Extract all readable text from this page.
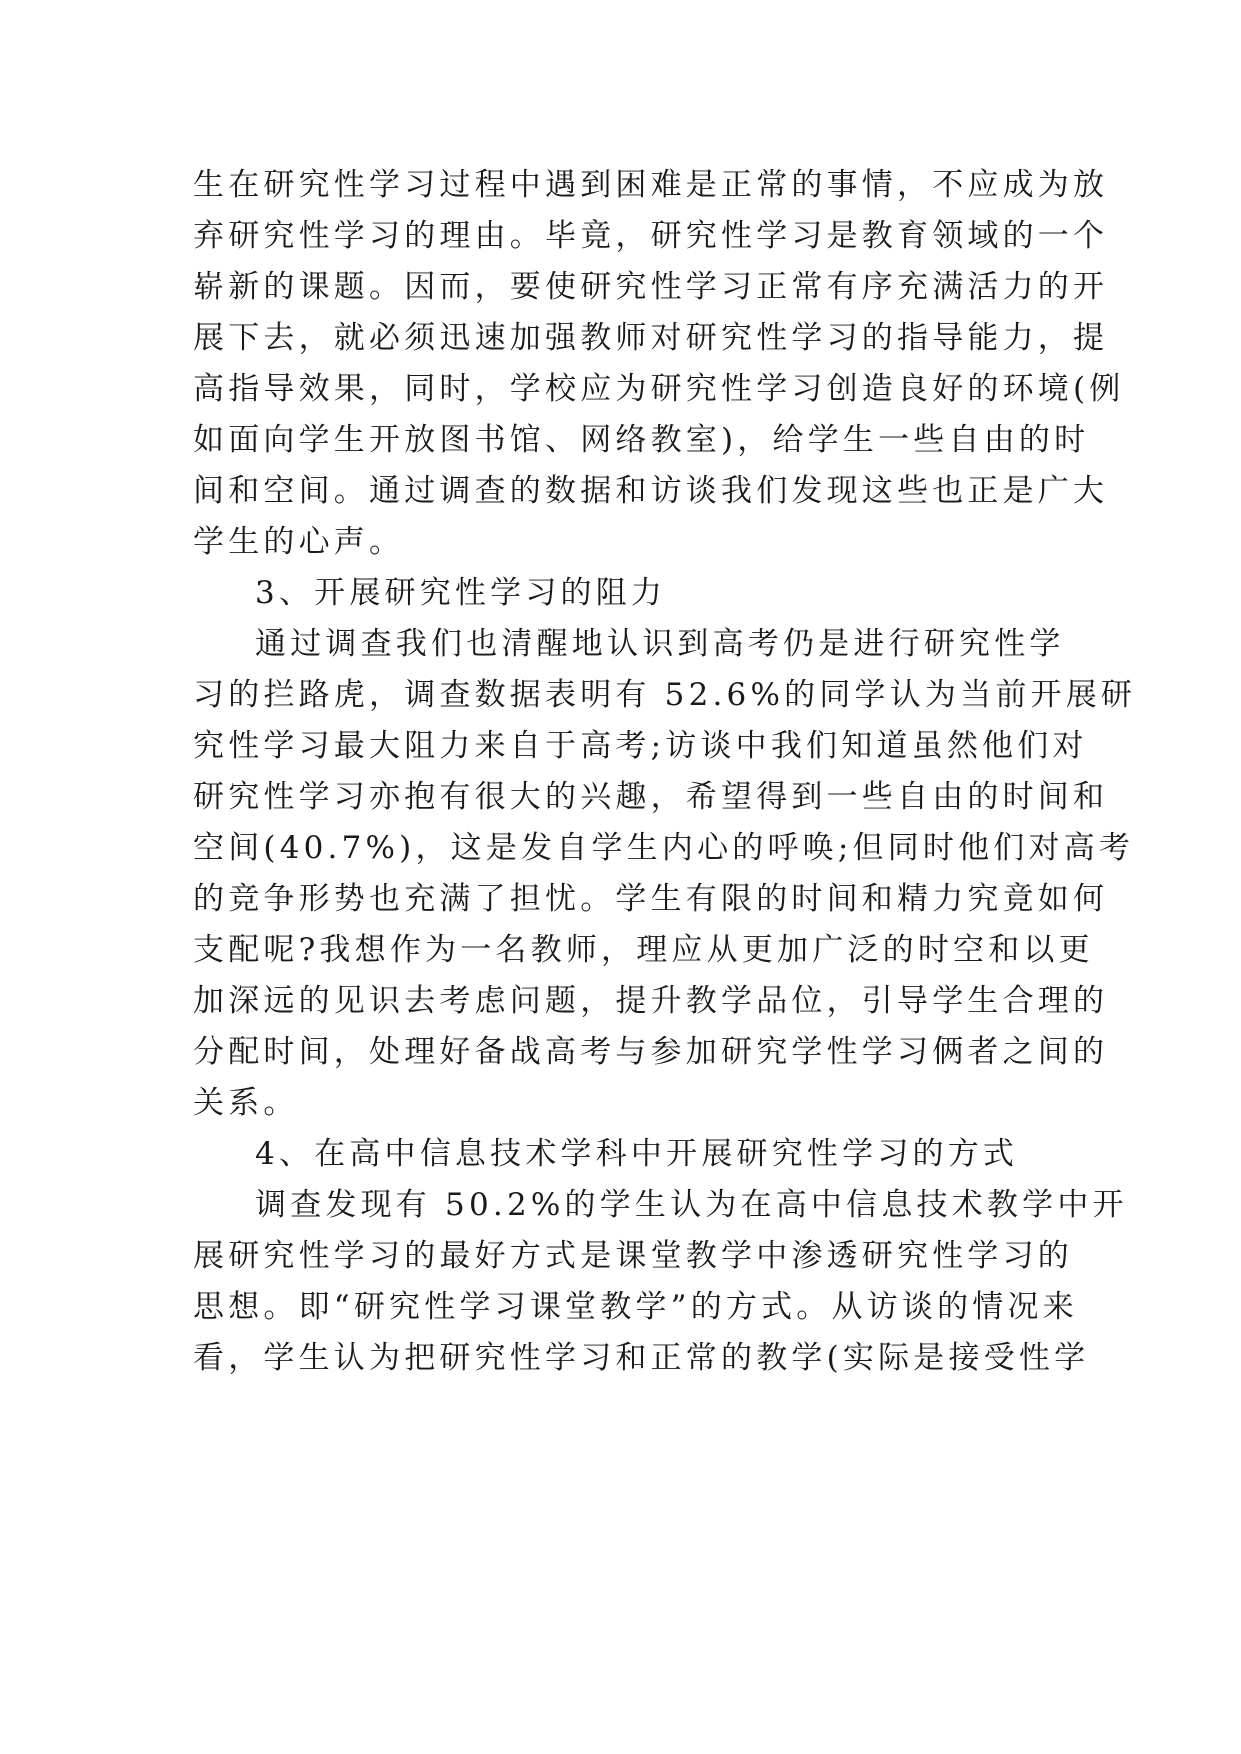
生在研究性学习过程中遇到困难是正常的事情，不应成为放
弃研究性学习的理由。毕竟，研究性学习是教育领域的一个
崭新的课题。因而，要使研究性学习正常有序充满活力的开
展下去，就必须迅速加强教师对研究性学习的指导能力，提
高指导效果，同时，学校应为研究性学习创造良好的环境(例
如面向学生开放图书馆、网络教室)，给学生一些自由的时
间和空间。通过调查的数据和访谈我们发现这些也正是广大
学生的心声。
3、开展研究性学习的阻力
通过调查我们也清醒地认识到高考仍是进行研究性学
习的拦路虎，调查数据表明有 52.6%的同学认为当前开展研
究性学习最大阻力来自于高考;访谈中我们知道虽然他们对
研究性学习亦抱有很大的兴趣，希望得到一些自由的时间和
空间(40.7%)，这是发自学生内心的呼唤;但同时他们对高考
的竞争形势也充满了担忧。学生有限的时间和精力究竟如何
支配呢?我想作为一名教师，理应从更加广泛的时空和以更
加深远的见识去考虑问题，提升教学品位，引导学生合理的
分配时间，处理好备战高考与参加研究学性学习俩者之间的
关系。
4、在高中信息技术学科中开展研究性学习的方式
调查发现有 50.2%的学生认为在高中信息技术教学中开
展研究性学习的最好方式是课堂教学中渗透研究性学习的
思想。即“研究性学习课堂教学”的方式。从访谈的情况来
看，学生认为把研究性学习和正常的教学(实际是接受性学
